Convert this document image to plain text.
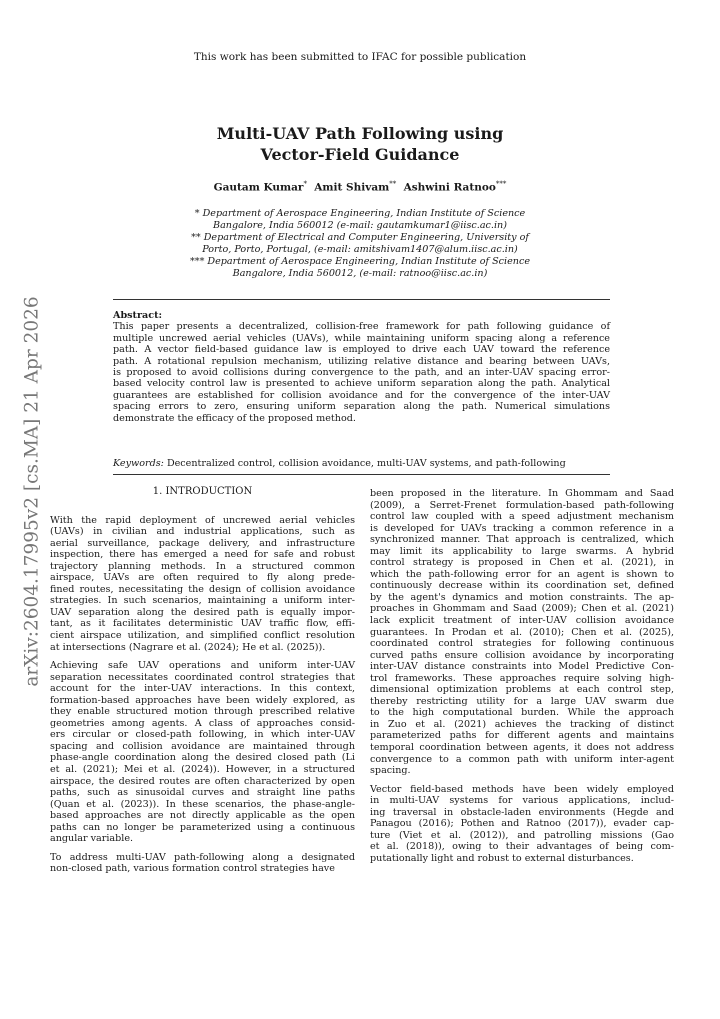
This work has been submitted to IFAC for possible publication
arXiv:2604.17995v2 [cs.MA] 21 Apr 2026
Multi-UAV Path Following using
Vector-Field Guidance
Gautam Kumar* Amit Shivam** Ashwini Ratnoo***
* Department of Aerospace Engineering, Indian Institute of Science
Bangalore, India 560012 (e-mail: gautamkumar1@iisc.ac.in)
** Department of Electrical and Computer Engineering, University of
Porto, Porto, Portugal, (e-mail: amitshivam1407@alum.iisc.ac.in)
*** Department of Aerospace Engineering, Indian Institute of Science
Bangalore, India 560012, (e-mail: ratnoo@iisc.ac.in)
Abstract:
This paper presents a decentralized, collision-free framework for path following guidance of
multiple uncrewed aerial vehicles (UAVs), while maintaining uniform spacing along a reference
path. A vector field-based guidance law is employed to drive each UAV toward the reference
path. A rotational repulsion mechanism, utilizing relative distance and bearing between UAVs,
is proposed to avoid collisions during convergence to the path, and an inter-UAV spacing error-
based velocity control law is presented to achieve uniform separation along the path. Analytical
guarantees are established for collision avoidance and for the convergence of the inter-UAV
spacing errors to zero, ensuring uniform separation along the path. Numerical simulations
demonstrate the efficacy of the proposed method.
Keywords: Decentralized control, collision avoidance, multi-UAV systems, and path-following
1. INTRODUCTION
With the rapid deployment of uncrewed aerial vehicles
(UAVs) in civilian and industrial applications, such as
aerial surveillance, package delivery, and infrastructure
inspection, there has emerged a need for safe and robust
trajectory planning methods. In a structured common
airspace, UAVs are often required to fly along prede-
fined routes, necessitating the design of collision avoidance
strategies. In such scenarios, maintaining a uniform inter-
UAV separation along the desired path is equally impor-
tant, as it facilitates deterministic UAV traffic flow, effi-
cient airspace utilization, and simplified conflict resolution
at intersections (Nagrare et al. (2024); He et al. (2025)).
Achieving safe UAV operations and uniform inter-UAV
separation necessitates coordinated control strategies that
account for the inter-UAV interactions. In this context,
formation-based approaches have been widely explored, as
they enable structured motion through prescribed relative
geometries among agents. A class of approaches consid-
ers circular or closed-path following, in which inter-UAV
spacing and collision avoidance are maintained through
phase-angle coordination along the desired closed path (Li
et al. (2021); Mei et al. (2024)). However, in a structured
airspace, the desired routes are often characterized by open
paths, such as sinusoidal curves and straight line paths
(Quan et al. (2023)). In these scenarios, the phase-angle-
based approaches are not directly applicable as the open
paths can no longer be parameterized using a continuous
angular variable.
To address multi-UAV path-following along a designated
non-closed path, various formation control strategies have
been proposed in the literature. In Ghommam and Saad
(2009), a Serret-Frenet formulation-based path-following
control law coupled with a speed adjustment mechanism
is developed for UAVs tracking a common reference in a
synchronized manner. That approach is centralized, which
may limit its applicability to large swarms. A hybrid
control strategy is proposed in Chen et al. (2021), in
which the path-following error for an agent is shown to
continuously decrease within its coordination set, defined
by the agent's dynamics and motion constraints. The ap-
proaches in Ghommam and Saad (2009); Chen et al. (2021)
lack explicit treatment of inter-UAV collision avoidance
guarantees. In Prodan et al. (2010); Chen et al. (2025),
coordinated control strategies for following continuous
curved paths ensure collision avoidance by incorporating
inter-UAV distance constraints into Model Predictive Con-
trol frameworks. These approaches require solving high-
dimensional optimization problems at each control step,
thereby restricting utility for a large UAV swarm due
to the high computational burden. While the approach
in Zuo et al. (2021) achieves the tracking of distinct
parameterized paths for different agents and maintains
temporal coordination between agents, it does not address
convergence to a common path with uniform inter-agent
spacing.
Vector field-based methods have been widely employed
in multi-UAV systems for various applications, includ-
ing traversal in obstacle-laden environments (Hegde and
Panagou (2016); Pothen and Ratnoo (2017)), evader cap-
ture (Viet et al. (2012)), and patrolling missions (Gao
et al. (2018)), owing to their advantages of being com-
putationally light and robust to external disturbances.
